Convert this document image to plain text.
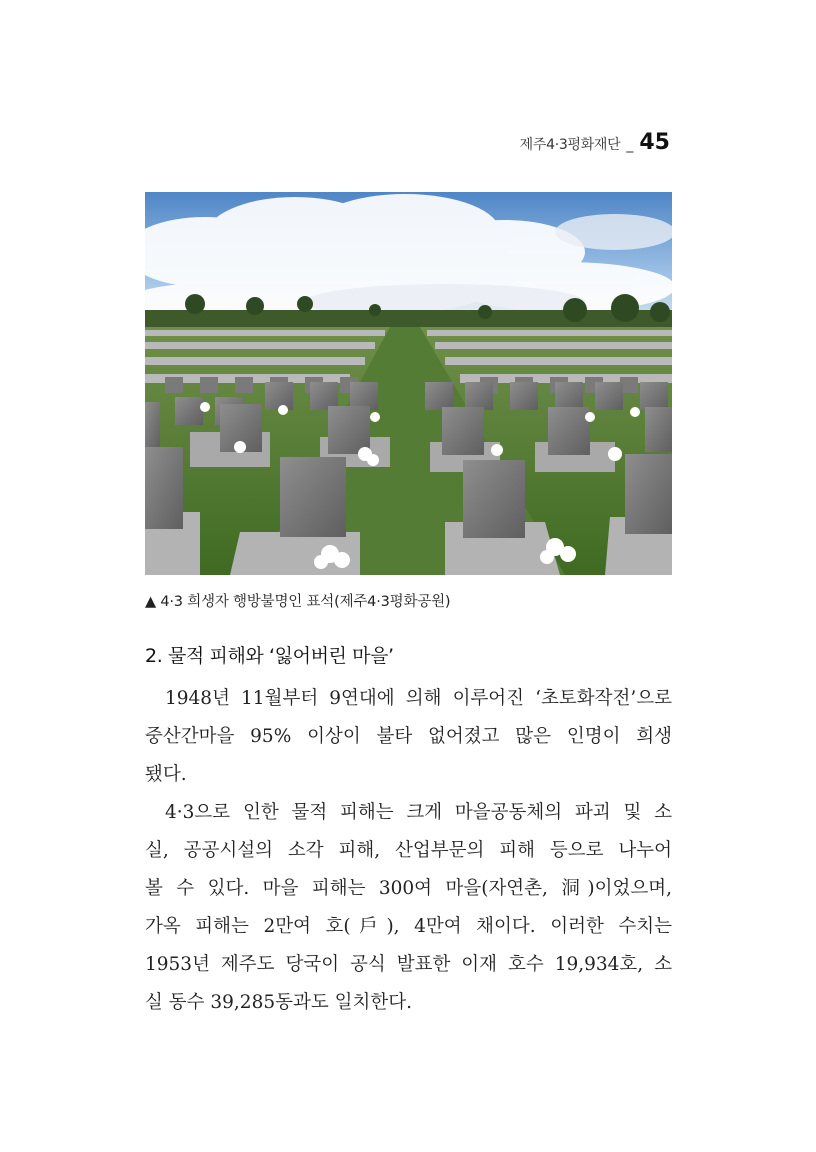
제주4·3평화재단 _ 45
▲ 4·3 희생자 행방불명인 표석(제주4·3평화공원)
2. 물적 피해와 ‘잃어버린 마을’
1948년 11월부터 9연대에 의해 이루어진 ‘초토화작전’으로
중산간마을 95% 이상이 불타 없어졌고 많은 인명이 희생
됐다.
4·3으로 인한 물적 피해는 크게 마을공동체의 파괴 및 소
실, 공공시설의 소각 피해, 산업부문의 피해 등으로 나누어
볼 수 있다. 마을 피해는 300여 마을(자연촌, 洞)이었으며,
가옥 피해는 2만여 호(戶), 4만여 채이다. 이러한 수치는
1953년 제주도 당국이 공식 발표한 이재 호수 19,934호, 소
실 동수 39,285동과도 일치한다.
